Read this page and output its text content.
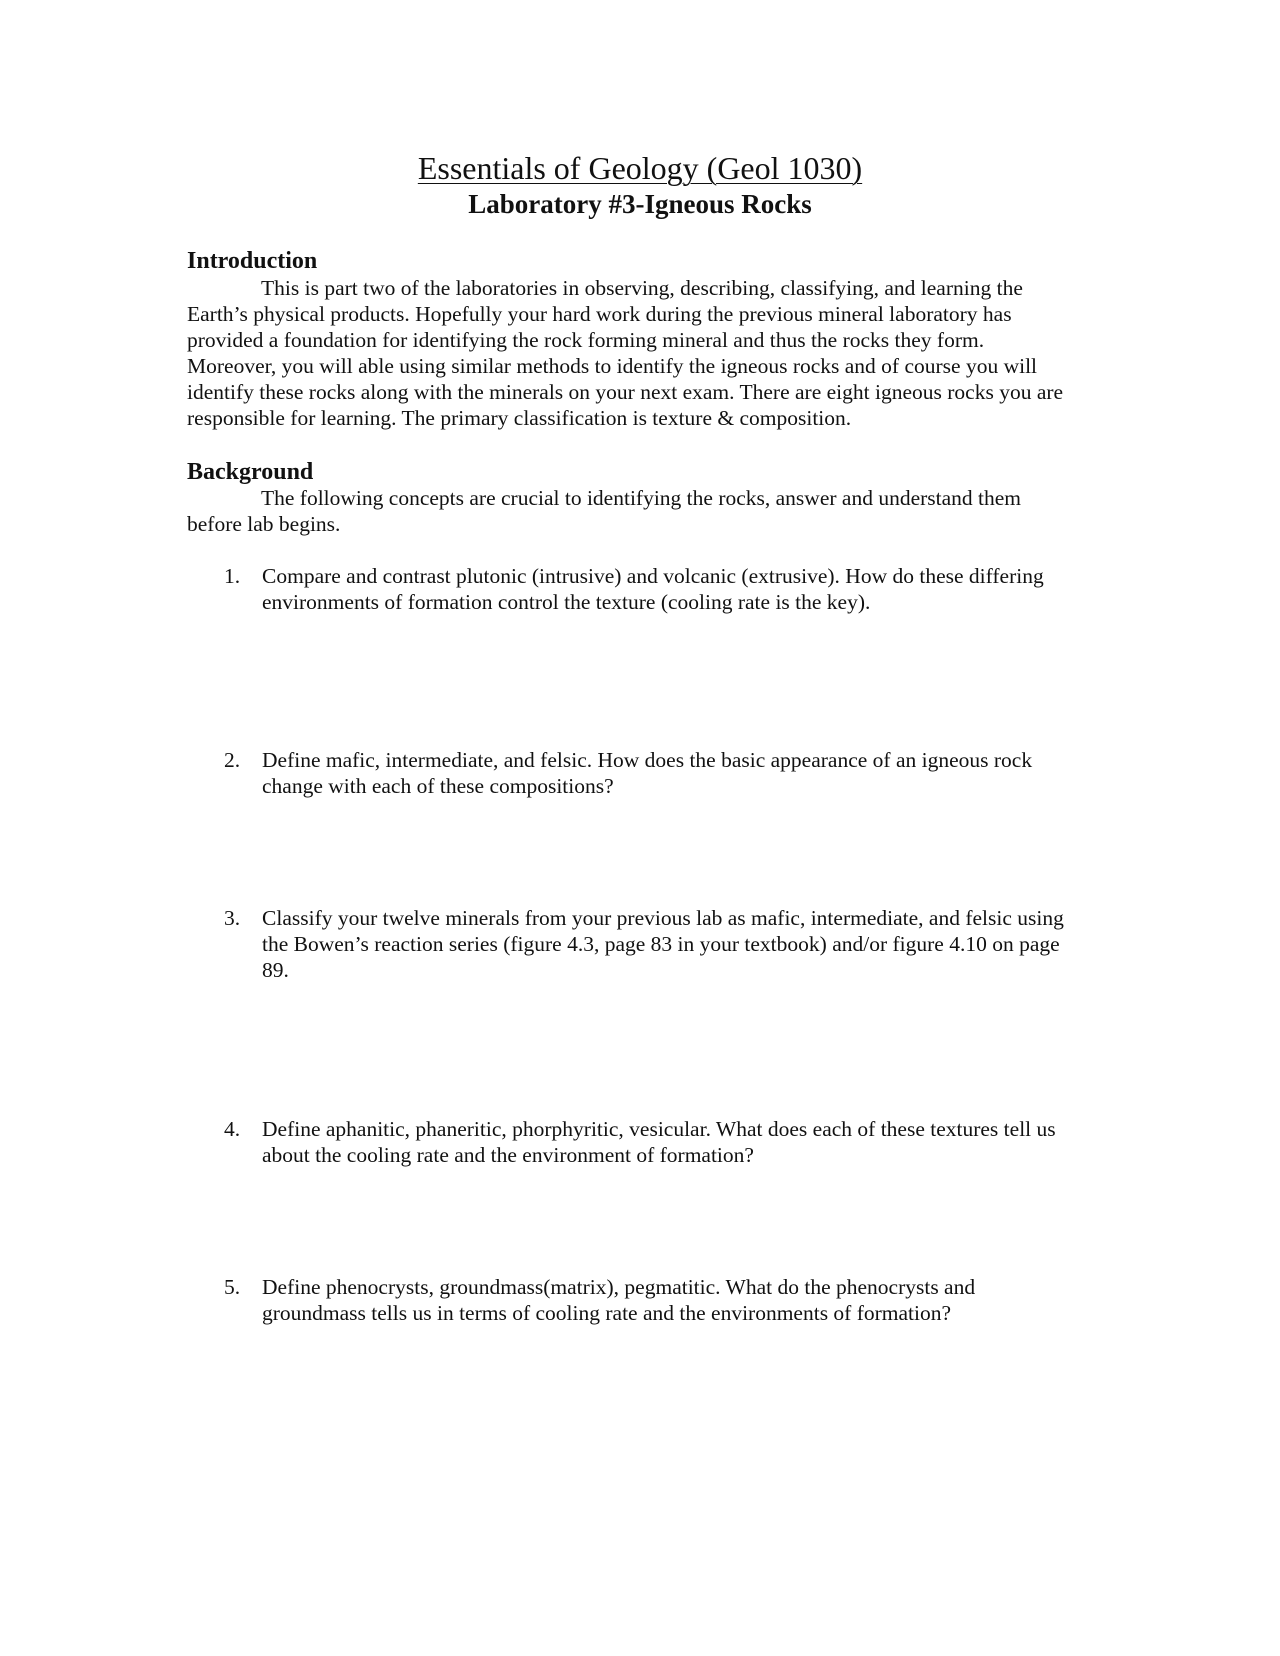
Essentials of Geology (Geol 1030)
Laboratory #3-Igneous Rocks
Introduction

This is part two of the laboratories in observing, describing, classifying, and learning the Earth’s physical products. Hopefully your hard work during the previous mineral laboratory has provided a foundation for identifying the rock forming mineral and thus the rocks they form. Moreover, you will able using similar methods to identify the igneous rocks and of course you will identify these rocks along with the minerals on your next exam. There are eight igneous rocks you are responsible for learning. The primary classification is texture & composition.

Background

The following concepts are crucial to identifying the rocks, answer and understand them before lab begins.

1.	Compare and contrast plutonic (intrusive) and volcanic (extrusive). How do these differing environments of formation control the texture (cooling rate is the key).
2.	Define mafic, intermediate, and felsic. How does the basic appearance of an igneous rock change with each of these compositions?
3.	Classify your twelve minerals from your previous lab as mafic, intermediate, and felsic using the Bowen’s reaction series (figure 4.3, page 83 in your textbook) and/or figure 4.10 on page 89.
4.	Define aphanitic, phaneritic, phorphyritic, vesicular. What does each of these textures tell us about the cooling rate and the environment of formation?
5.	Define phenocrysts, groundmass(matrix), pegmatitic. What do the phenocrysts and groundmass tells us in terms of cooling rate and the environments of formation?
